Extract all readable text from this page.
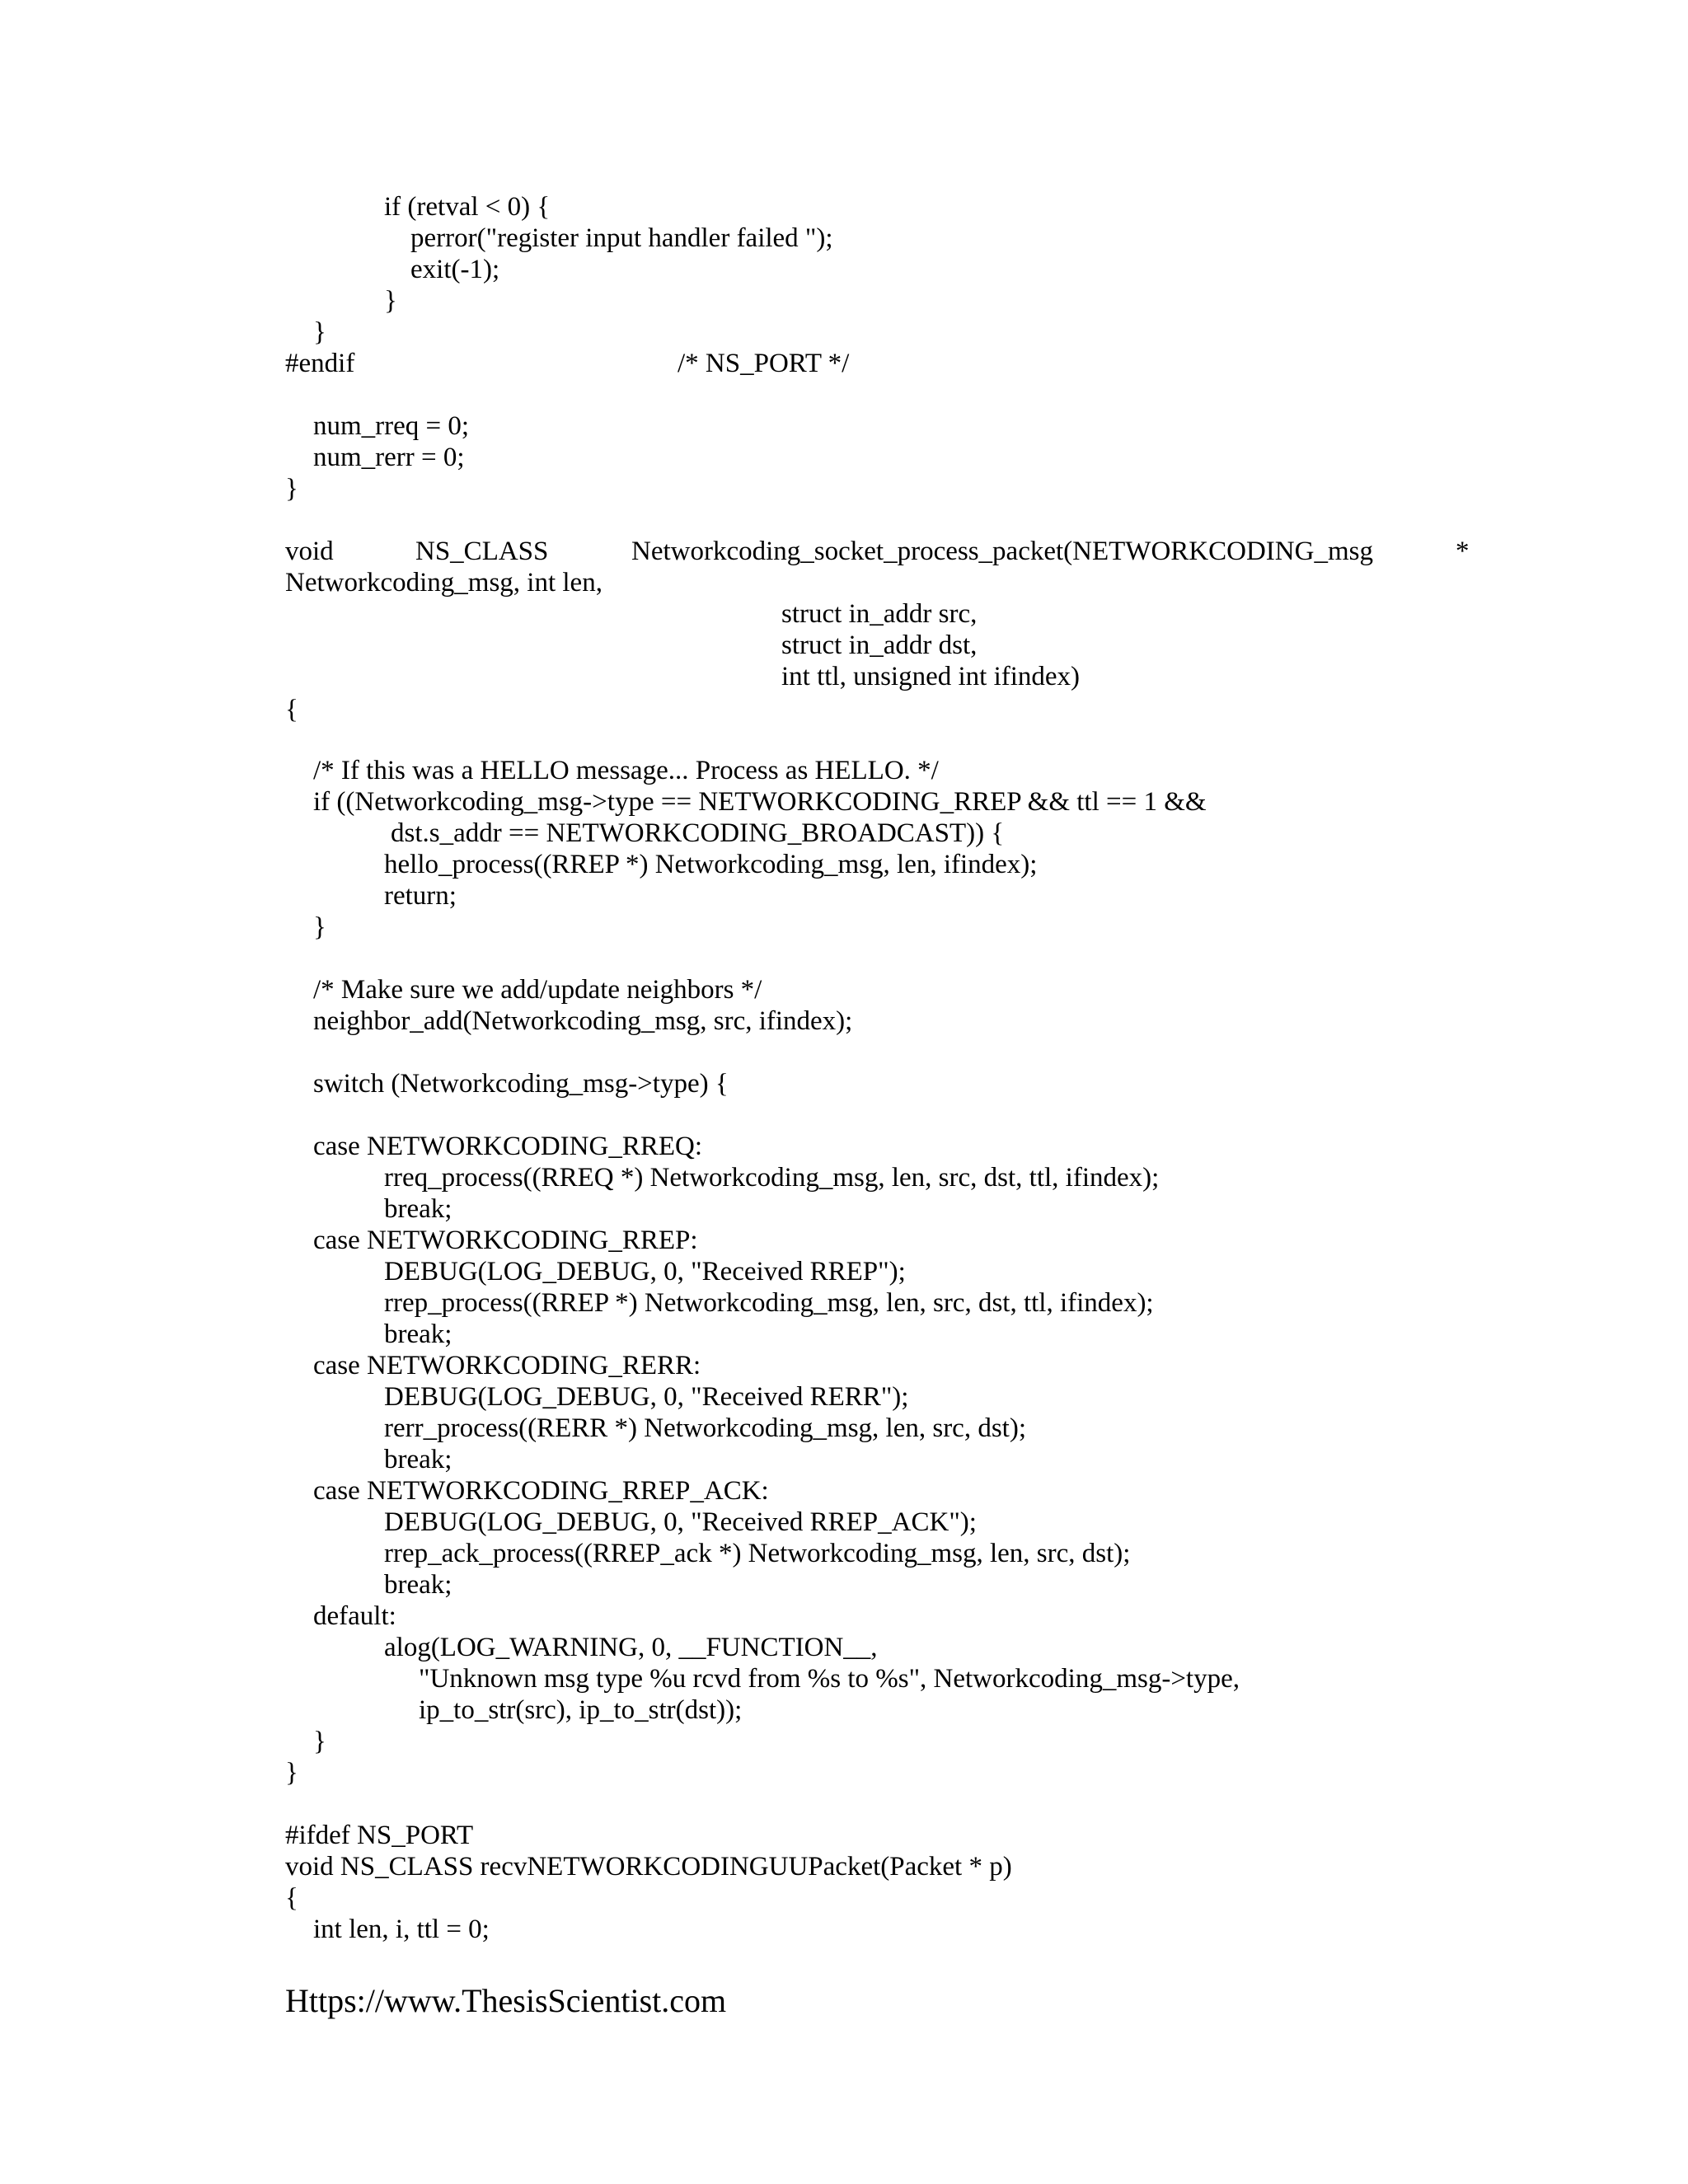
if (retval < 0) {
perror("register input handler failed ");
exit(-1);
}
}
#endif	/* NS_PORT */
num_rreq = 0;
num_rerr = 0;
}
void	NS_CLASS	Networkcoding_socket_process_packet(NETWORKCODING_msg	*
Networkcoding_msg, int len,
struct in_addr src,
struct in_addr dst,
int ttl, unsigned int ifindex)
{
/* If this was a HELLO message... Process as HELLO. */
if ((Networkcoding_msg->type == NETWORKCODING_RREP && ttl == 1 &&
dst.s_addr == NETWORKCODING_BROADCAST)) {
hello_process((RREP *) Networkcoding_msg, len, ifindex);
return;
}
/* Make sure we add/update neighbors */
neighbor_add(Networkcoding_msg, src, ifindex);
switch (Networkcoding_msg->type) {
case NETWORKCODING_RREQ:
rreq_process((RREQ *) Networkcoding_msg, len, src, dst, ttl, ifindex);
break;
case NETWORKCODING_RREP:
DEBUG(LOG_DEBUG, 0, "Received RREP");
rrep_process((RREP *) Networkcoding_msg, len, src, dst, ttl, ifindex);
break;
case NETWORKCODING_RERR:
DEBUG(LOG_DEBUG, 0, "Received RERR");
rerr_process((RERR *) Networkcoding_msg, len, src, dst);
break;
case NETWORKCODING_RREP_ACK:
DEBUG(LOG_DEBUG, 0, "Received RREP_ACK");
rrep_ack_process((RREP_ack *) Networkcoding_msg, len, src, dst);
break;
default:
alog(LOG_WARNING, 0, __FUNCTION__,
"Unknown msg type %u rcvd from %s to %s", Networkcoding_msg->type,
ip_to_str(src), ip_to_str(dst));
}
}
#ifdef NS_PORT
void NS_CLASS recvNETWORKCODINGUUPacket(Packet * p)
{
int len, i, ttl = 0;
Https://www.ThesisScientist.com
